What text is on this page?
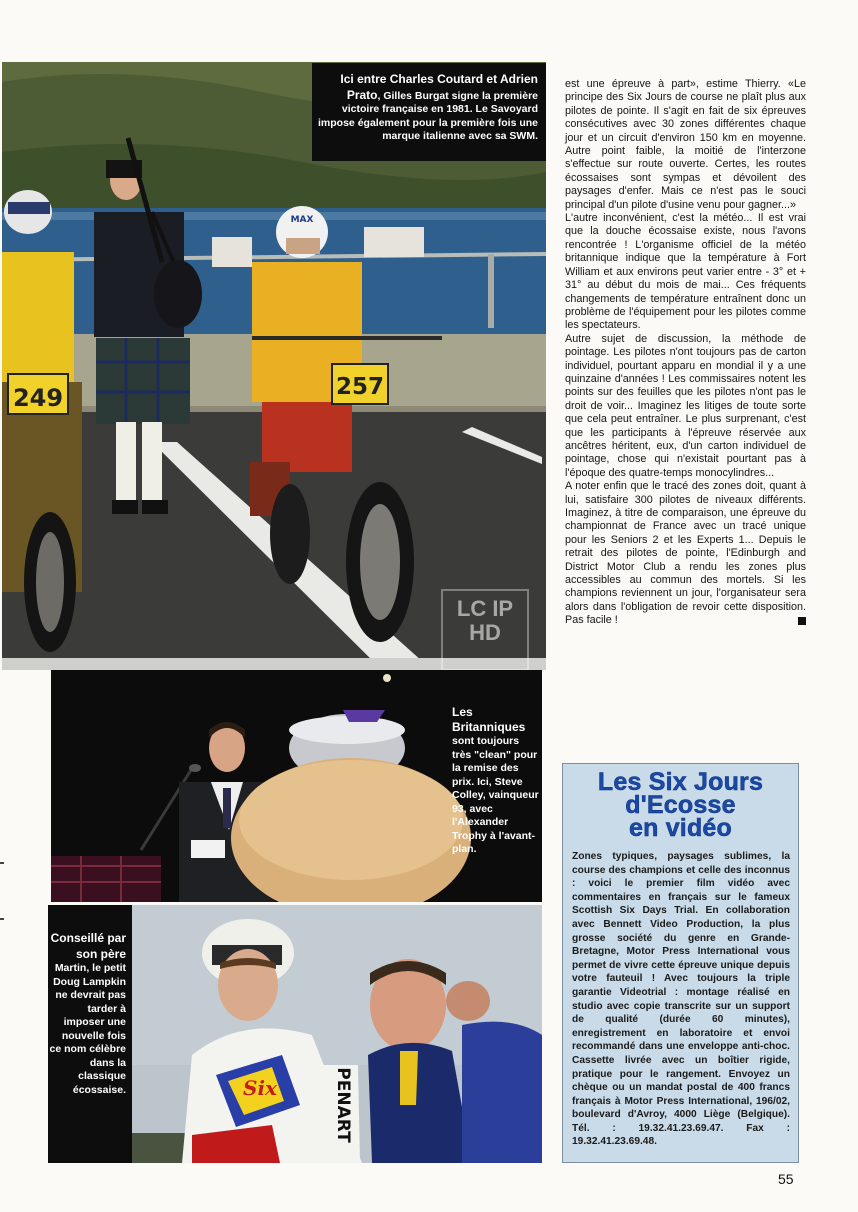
249
MAX
257
LC IP HD
Ici entre Charles Coutard et Adrien Prato, Gilles Burgat signe la première victoire française en 1981. Le Savoyard impose également pour la première fois une marque italienne avec sa SWM.
Les Britanniques sont toujours très "clean" pour la remise des prix. Ici, Steve Colley, vainqueur 93, avec l'Alexander Trophy à l'avant-plan.
Six	PENART
Conseillé par son père Martin, le petit Doug Lampkin ne devrait pas tarder à imposer une nouvelle fois ce nom célèbre dans la classique écossaise.

est une épreuve à part», estime Thierry. «Le principe des Six Jours de course ne plaît plus aux pilotes de pointe. Il s'agit en fait de six épreuves consécutives avec 30 zones différentes chaque jour et un circuit d'environ 150 km en moyenne. Autre point faible, la moitié de l'interzone s'effectue sur route ouverte. Certes, les routes écossaises sont sympas et dévoilent des paysages d'enfer. Mais ce n'est pas le souci principal d'un pilote d'usine venu pour gagner...»

L'autre inconvénient, c'est la météo... Il est vrai que la douche écossaise existe, nous l'avons rencontrée ! L'organisme officiel de la météo britannique indique que la température à Fort William et aux environs peut varier entre - 3° et + 31° au début du mois de mai... Ces fréquents changements de température entraînent donc un problème de l'équipement pour les pilotes comme les spectateurs.

Autre sujet de discussion, la méthode de pointage. Les pilotes n'ont toujours pas de carton individuel, pourtant apparu en mondial il y a une quinzaine d'années ! Les commissaires notent les points sur des feuilles que les pilotes n'ont pas le droit de voir... Imaginez les litiges de toute sorte que cela peut entraîner. Le plus surprenant, c'est que les participants à l'épreuve réservée aux ancêtres héritent, eux, d'un carton individuel de pointage, chose qui n'existait pourtant pas à l'époque des quatre-temps monocylindres...

A noter enfin que le tracé des zones doit, quant à lui, satisfaire 300 pilotes de niveaux différents. Imaginez, à titre de comparaison, une épreuve du championnat de France avec un tracé unique pour les Seniors 2 et les Experts 1... Depuis le retrait des pilotes de pointe, l'Edinburgh and District Motor Club a rendu les zones plus accessibles au commun des mortels. Si les champions reviennent un jour, l'organisateur sera alors dans l'obligation de revoir cette disposition. Pas facile !

Les Six Jours
d'Ecosse
en vidéo
Zones typiques, paysages sublimes, la course des champions et celle des inconnus : voici le premier film vidéo avec commentaires en français sur le fameux Scottish Six Days Trial. En collaboration avec Bennett Video Production, la plus grosse société du genre en Grande-Bretagne, Motor Press International vous permet de vivre cette épreuve unique depuis votre fauteuil ! Avec toujours la triple garantie Videotrial : montage réalisé en studio avec copie transcrite sur un support de qualité (durée 60 minutes), enregistrement en laboratoire et envoi recommandé dans une enveloppe anti-choc. Cassette livrée avec un boîtier rigide, pratique pour le rangement. Envoyez un chèque ou un mandat postal de 400 francs français à Motor Press International, 196/02, boulevard d'Avroy, 4000 Liège (Belgique). Tél. : 19.32.41.23.69.47. Fax : 19.32.41.23.69.48.
55
